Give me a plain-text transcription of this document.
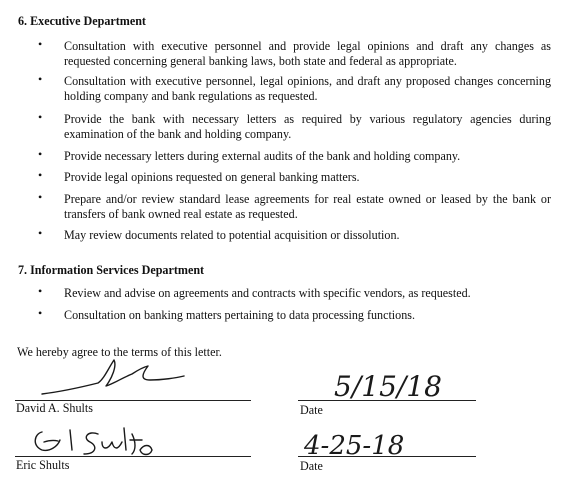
6. Executive Department
• Consultation with executive personnel and provide legal opinions and draft any changes as requested concerning general banking laws, both state and federal as appropriate.
• Consultation with executive personnel, legal opinions, and draft any proposed changes concerning holding company and bank regulations as requested.
• Provide the bank with necessary letters as required by various regulatory agencies during examination of the bank and holding company.
• Provide necessary letters during external audits of the bank and holding company.
• Provide legal opinions requested on general banking matters.
• Prepare and/or review standard lease agreements for real estate owned or leased by the bank or transfers of bank owned real estate as requested.
• May review documents related to potential acquisition or dissolution.
7. Information Services Department
• Review and advise on agreements and contracts with specific vendors, as requested.
• Consultation on banking matters pertaining to data processing functions.
We hereby agree to the terms of this letter.
David A. Shults
5/15/18
Date
Eric Shults
4-25-18
Date
